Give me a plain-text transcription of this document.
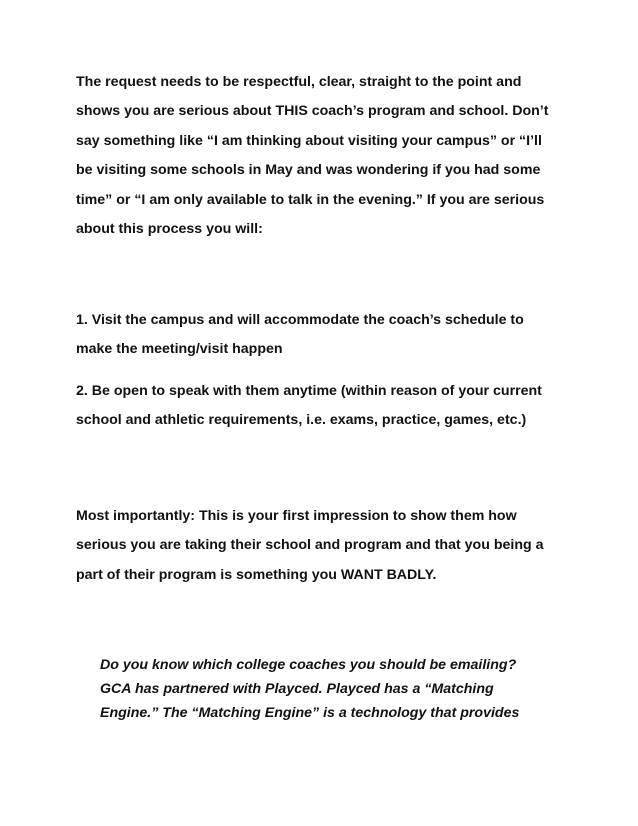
The request needs to be respectful, clear, straight to the point and
shows you are serious about THIS coach’s program and school. Don’t
say something like “I am thinking about visiting your campus” or “I’ll
be visiting some schools in May and was wondering if you had some
time” or “I am only available to talk in the evening.” If you are serious
about this process you will:
1. Visit the campus and will accommodate the coach’s schedule to
make the meeting/visit happen
2. Be open to speak with them anytime (within reason of your current
school and athletic requirements, i.e. exams, practice, games, etc.)
Most importantly: This is your first impression to show them how
serious you are taking their school and program and that you being a
part of their program is something you WANT BADLY.
Do you know which college coaches you should be emailing?
GCA has partnered with Playced. Playced has a “Matching
Engine.” The “Matching Engine” is a technology that provides
